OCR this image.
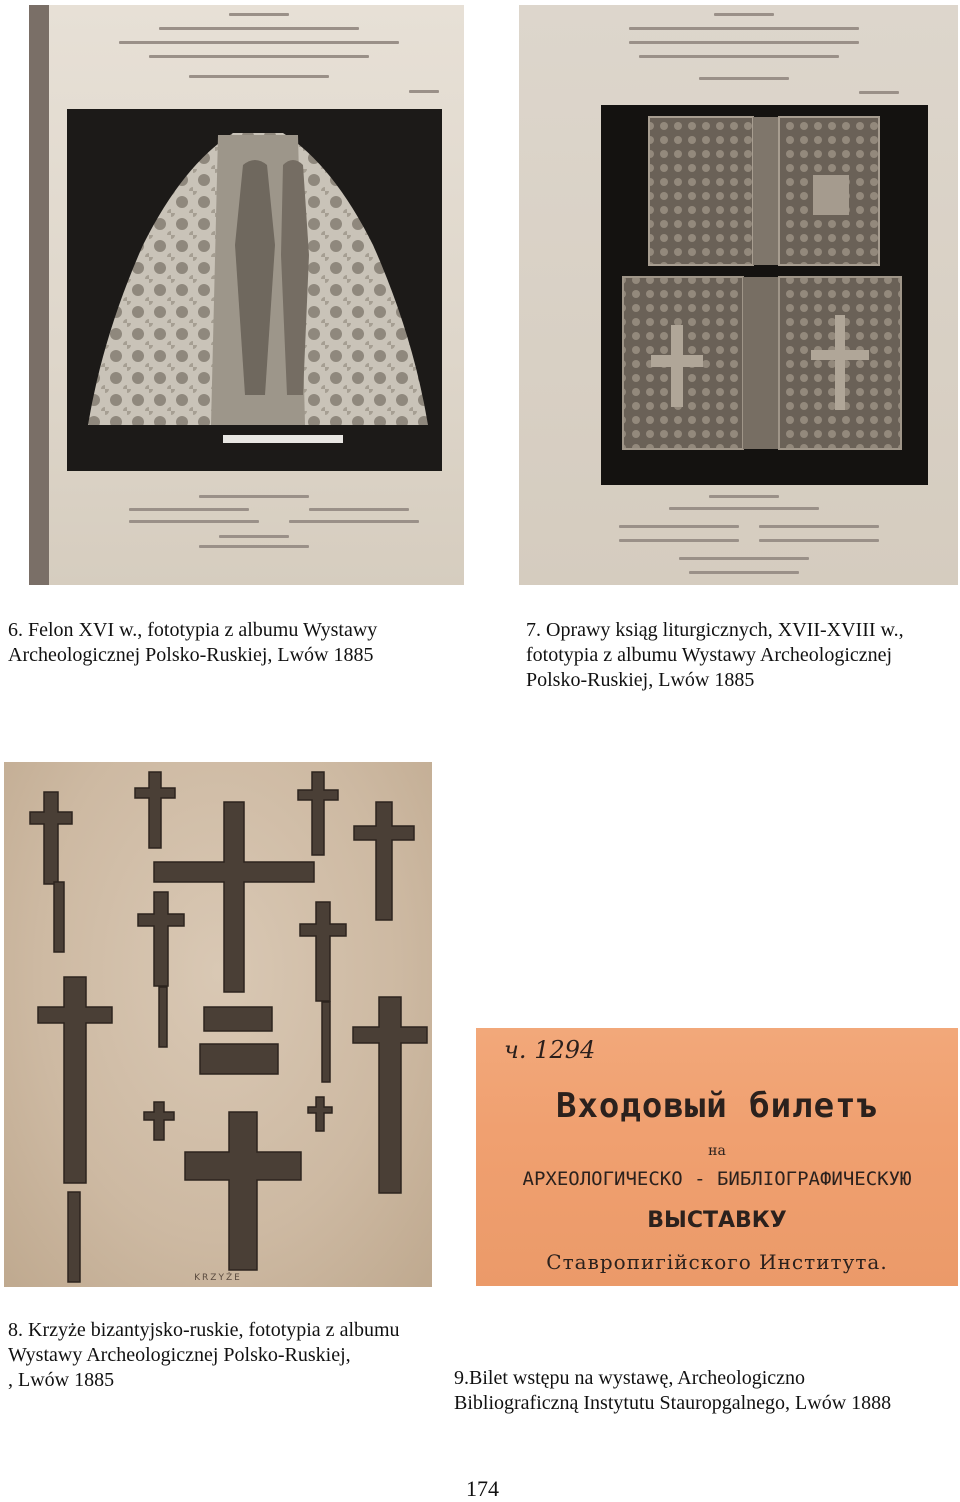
6. Felon XVI w., fototypia z albumu Wystawy
Archeologicznej Polsko-Ruskiej, Lwów 1885
7. Oprawy ksiąg liturgicznych, XVII-XVIII w.,
fototypia z albumu Wystawy Archeologicznej
Polsko-Ruskiej, Lwów 1885
KRZYŻE
ч. 1294
Входовый билетъ
на
АРХЕОЛОГИЧЕСКО - БИБЛІОГРАФИЧЕСКУЮ
ВЫСТАВКУ
Ставропигійского Института.
8. Krzyże bizantyjsko-ruskie, fototypia z albumu
Wystawy Archeologicznej Polsko-Ruskiej,
, Lwów 1885	9.Bilet wstępu na wystawę, Archeologiczno
Bibliograficzną Instytutu Stauropgalnego, Lwów 1888
174
